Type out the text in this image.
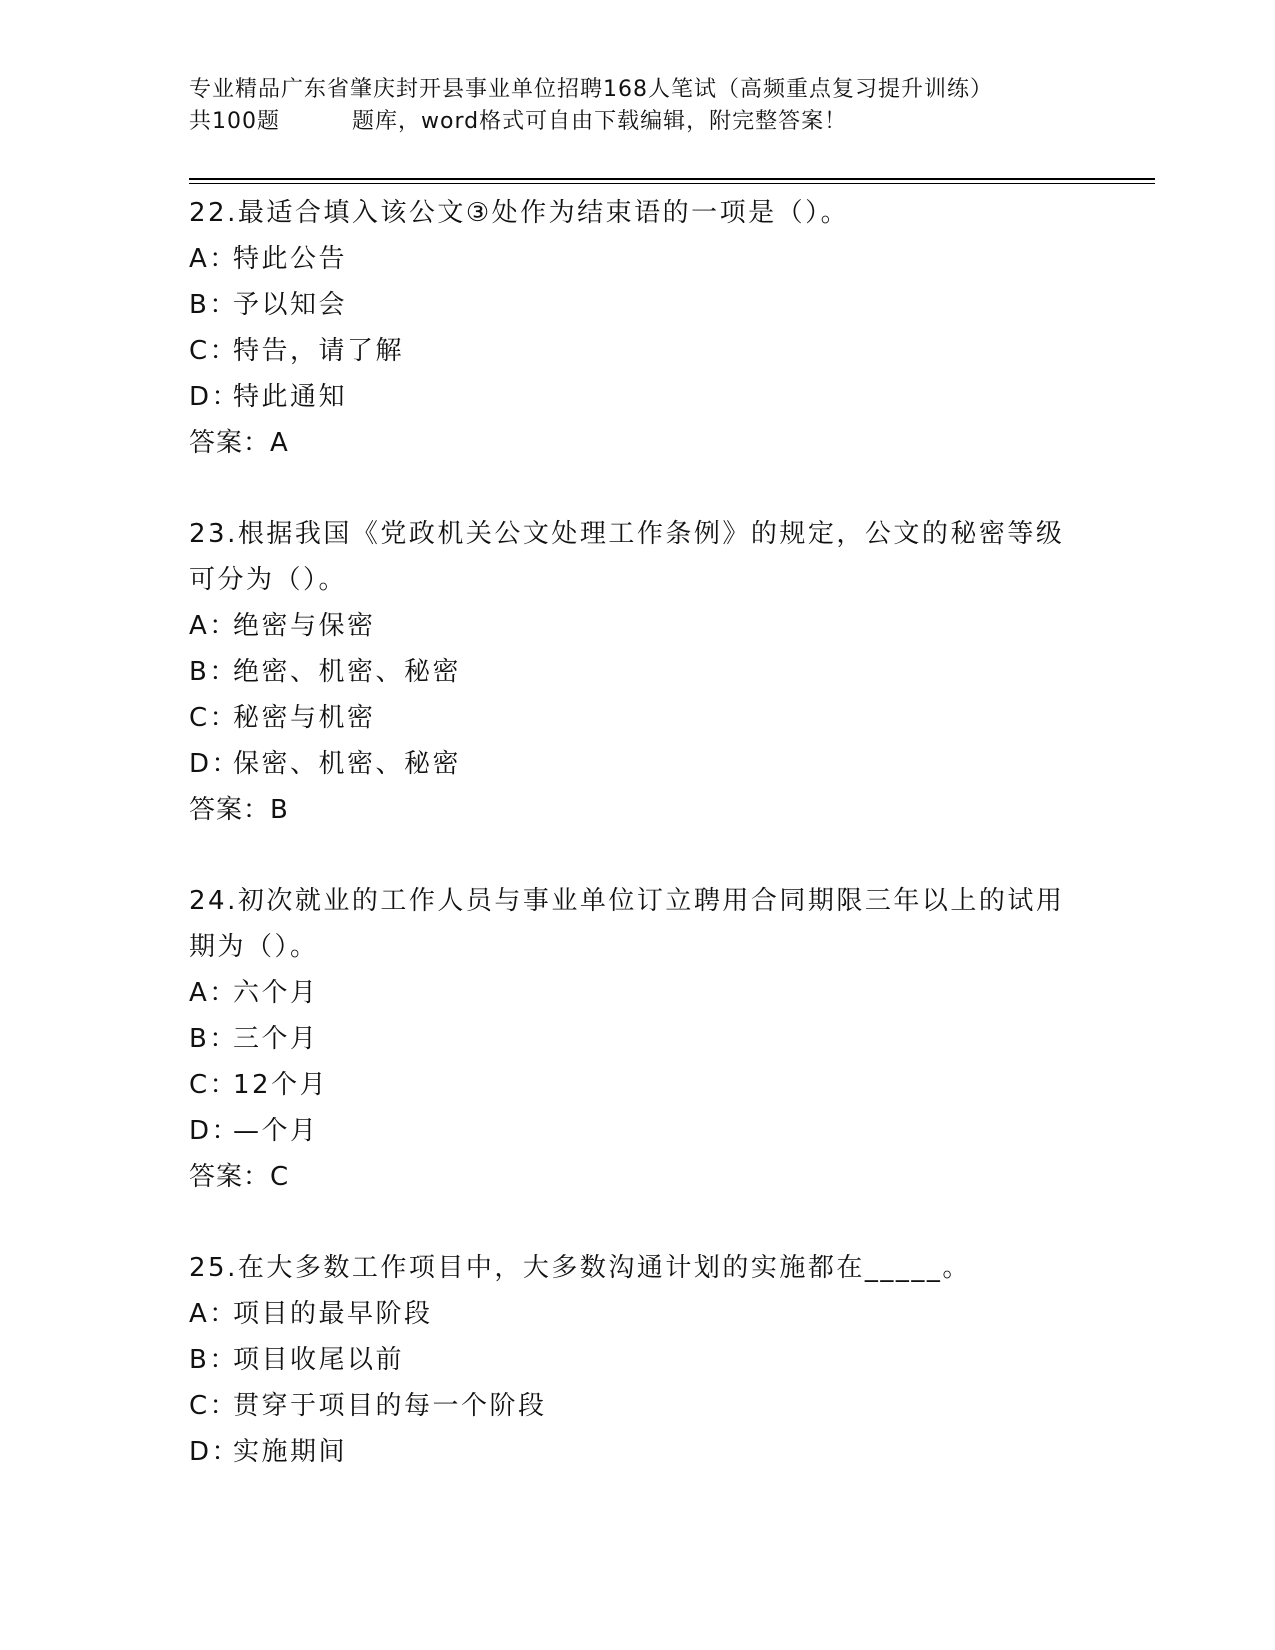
专业精品广东省肇庆封开县事业单位招聘168人笔试（高频重点复习提升训练）
共100题	题库，word格式可自由下载编辑，附完整答案！

22.最适合填入该公文③处作为结束语的一项是（）。

A：特此公告

B：予以知会

C：特告，请了解

D：特此通知

答案：A

23.根据我国《党政机关公文处理工作条例》的规定，公文的秘密等级可分为（）。

A：绝密与保密

B：绝密、机密、秘密

C：秘密与机密

D：保密、机密、秘密

答案：B

24.初次就业的工作人员与事业单位订立聘用合同期限三年以上的试用期为（）。

A：六个月

B：三个月

C：12个月

D：—个月

答案：C

25.在大多数工作项目中，大多数沟通计划的实施都在_____。

A：项目的最早阶段

B：项目收尾以前

C：贯穿于项目的每一个阶段

D：实施期间
